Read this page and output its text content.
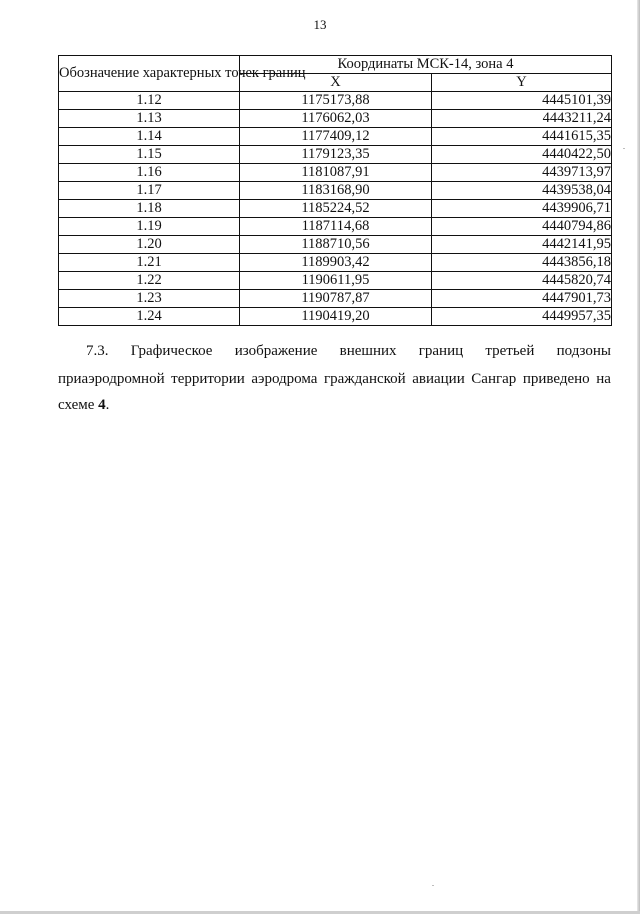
13
Обозначение характерных точек границ	Координаты МСК-14, зона 4	
	X	Y
1.12	1175173,88	4445101,39
1.13	1176062,03	4443211,24
1.14	1177409,12	4441615,35
1.15	1179123,35	4440422,50
1.16	1181087,91	4439713,97
1.17	1183168,90	4439538,04
1.18	1185224,52	4439906,71
1.19	1187114,68	4440794,86
1.20	1188710,56	4442141,95
1.21	1189903,42	4443856,18
1.22	1190611,95	4445820,74
1.23	1190787,87	4447901,73
1.24	1190419,20	4449957,35
7.3. Графическое изображение внешних границ третьей подзоны
приаэродромной территории аэродрома гражданской авиации Сангар приведено на
схеме 4.
